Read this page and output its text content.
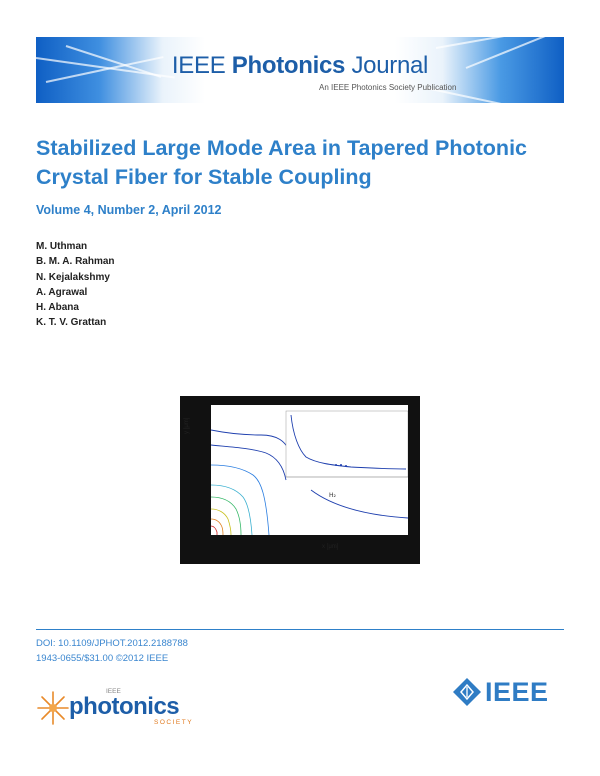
IEEE Photonics Journal
An IEEE Photonics Society Publication
Stabilized Large Mode Area in Tapered Photonic Crystal Fiber for Stable Coupling
Volume 4, Number 2, April 2012
M. Uthman
B. M. A. Rahman
N. Kejalakshmy
A. Agrawal
H. Abana
K. T. V. Grattan
H₂
y [μm]
x [μm]
DOI: 10.1109/JPHOT.2012.2188788
1943-0655/$31.00 ©2012 IEEE
IEEE
photonics
SOCIETY
IEEE
